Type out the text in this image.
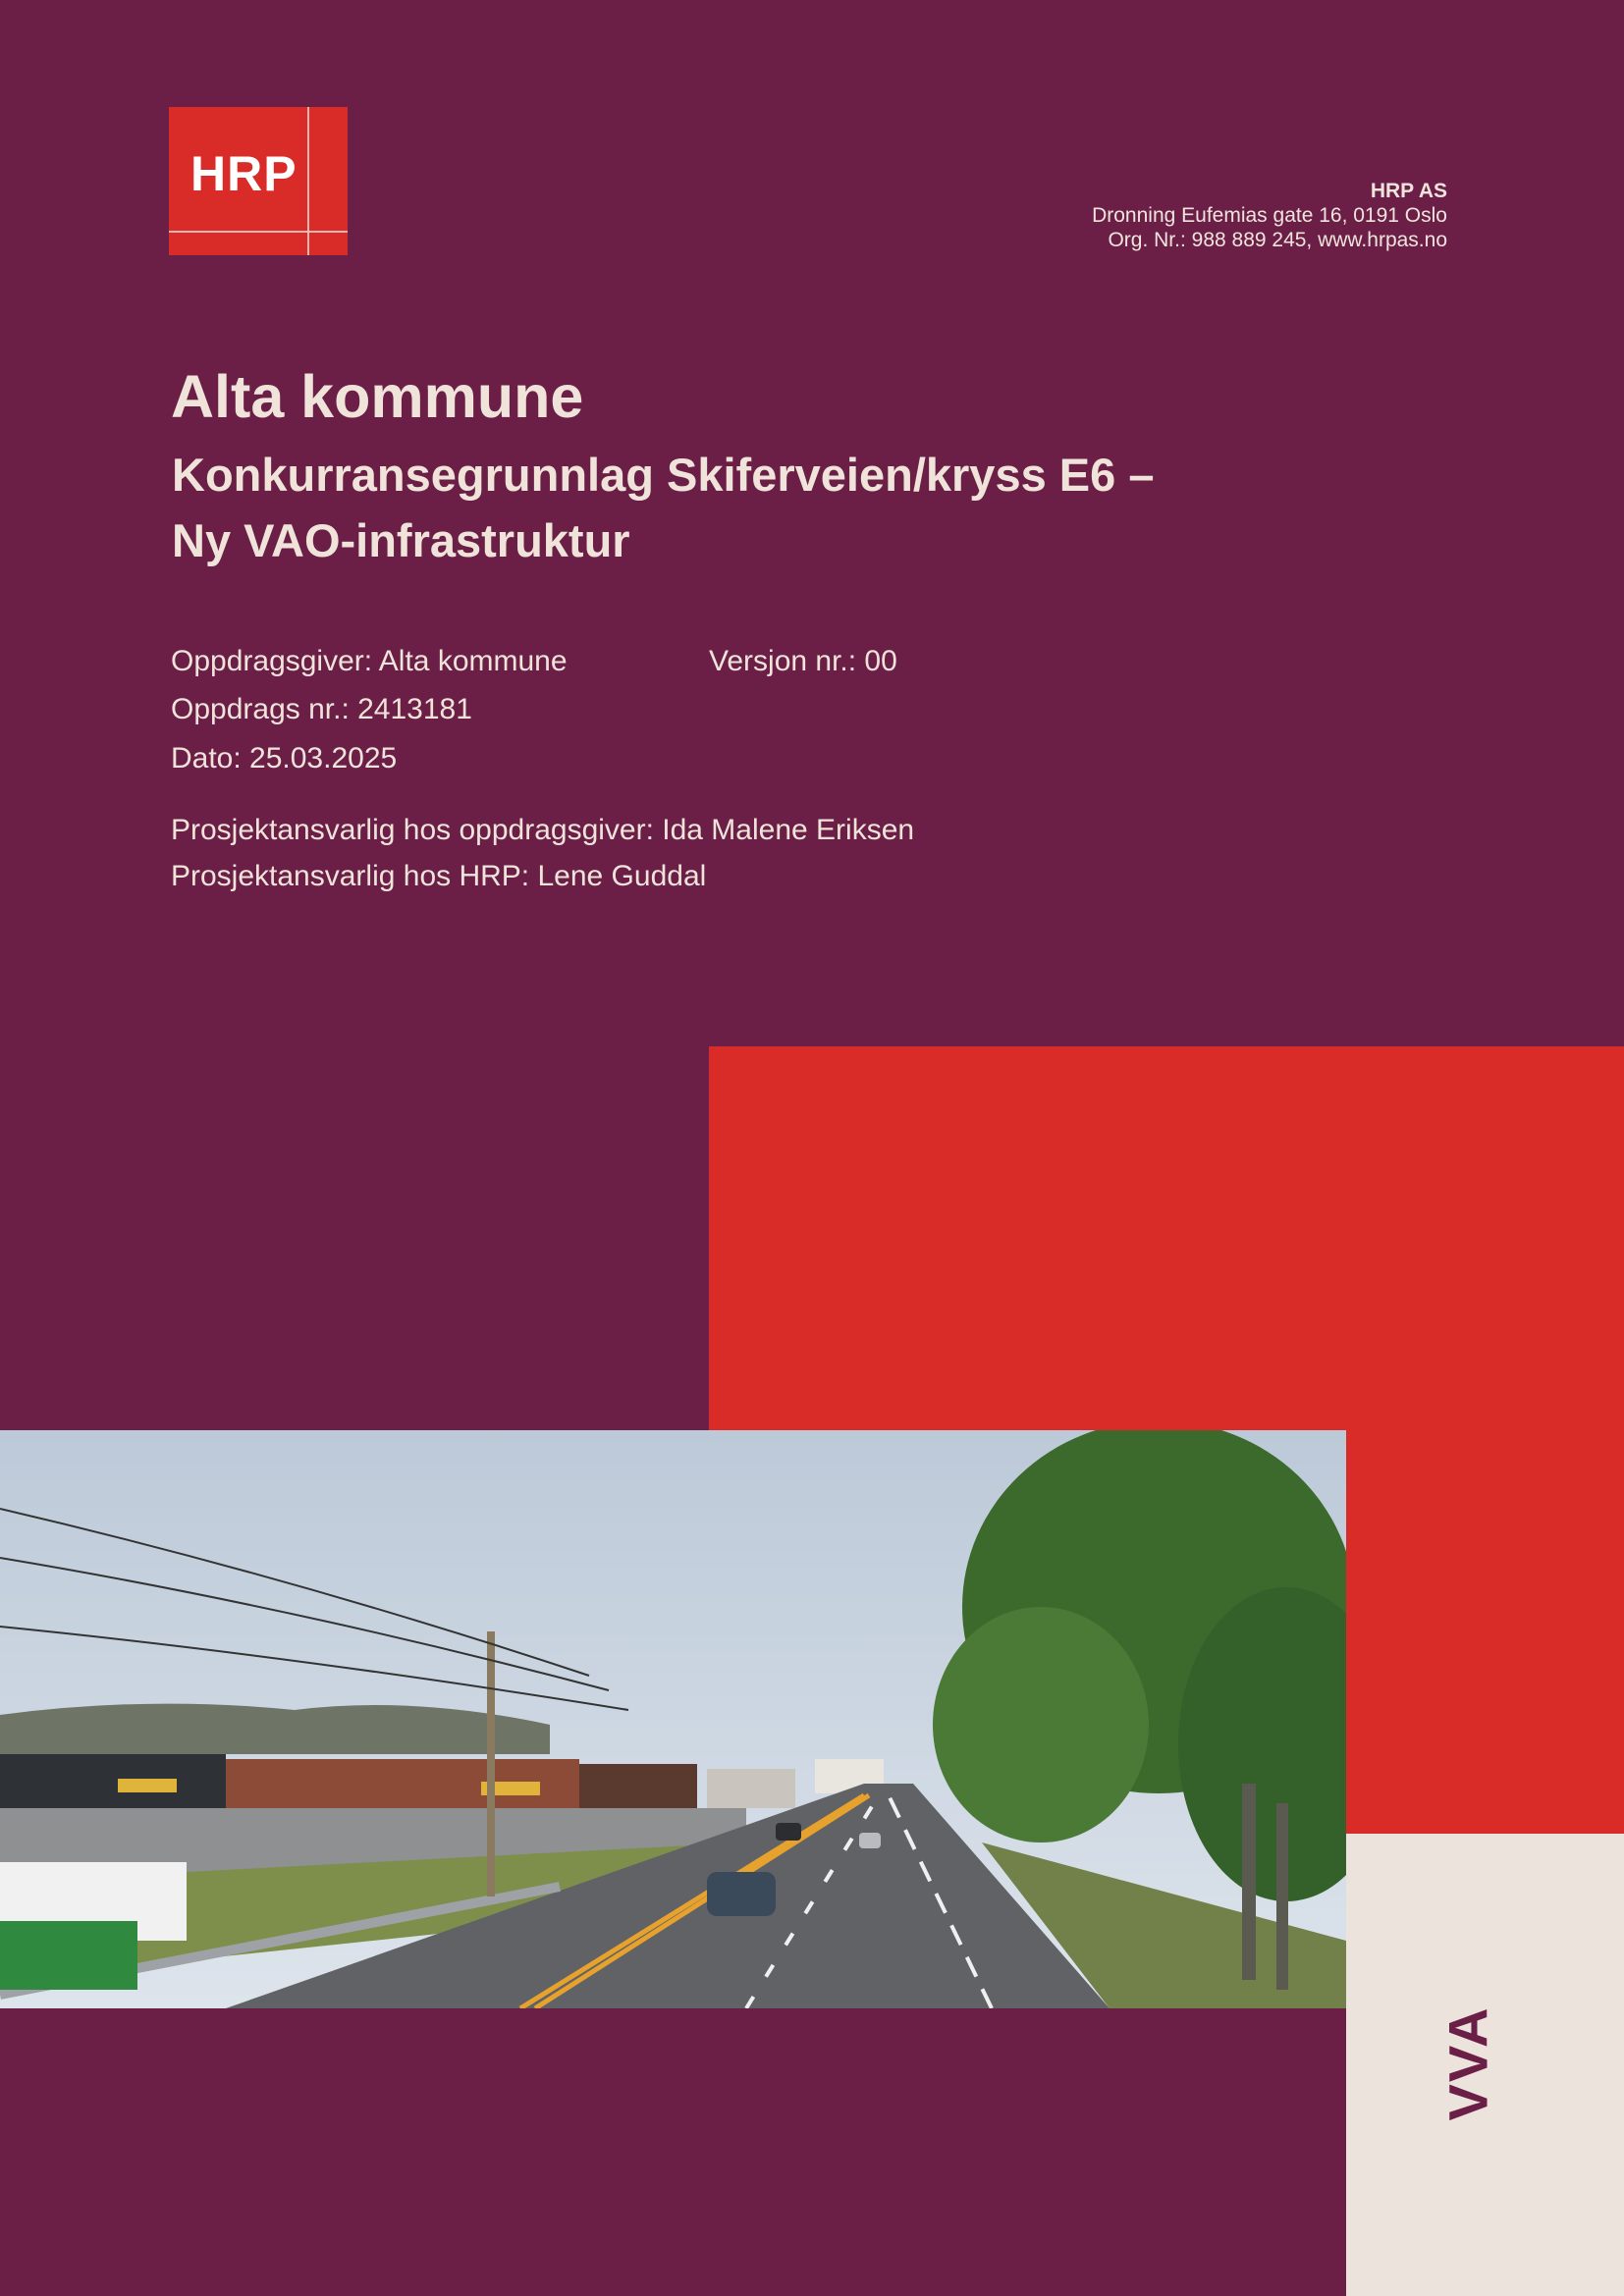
HRP	HRP AS
Dronning Eufemias gate 16, 0191 Oslo
Org. Nr.: 988 889 245, www.hrpas.no
Alta kommune
Konkurransegrunnlag Skiferveien/kryss E6 –
Ny VAO-infrastruktur
Oppdragsgiver: Alta kommune	Versjon nr.: 00
Oppdrags nr.: 2413181
Dato: 25.03.2025
Prosjektansvarlig hos oppdragsgiver: Ida Malene Eriksen
Prosjektansvarlig hos HRP: Lene Guddal
VVA
